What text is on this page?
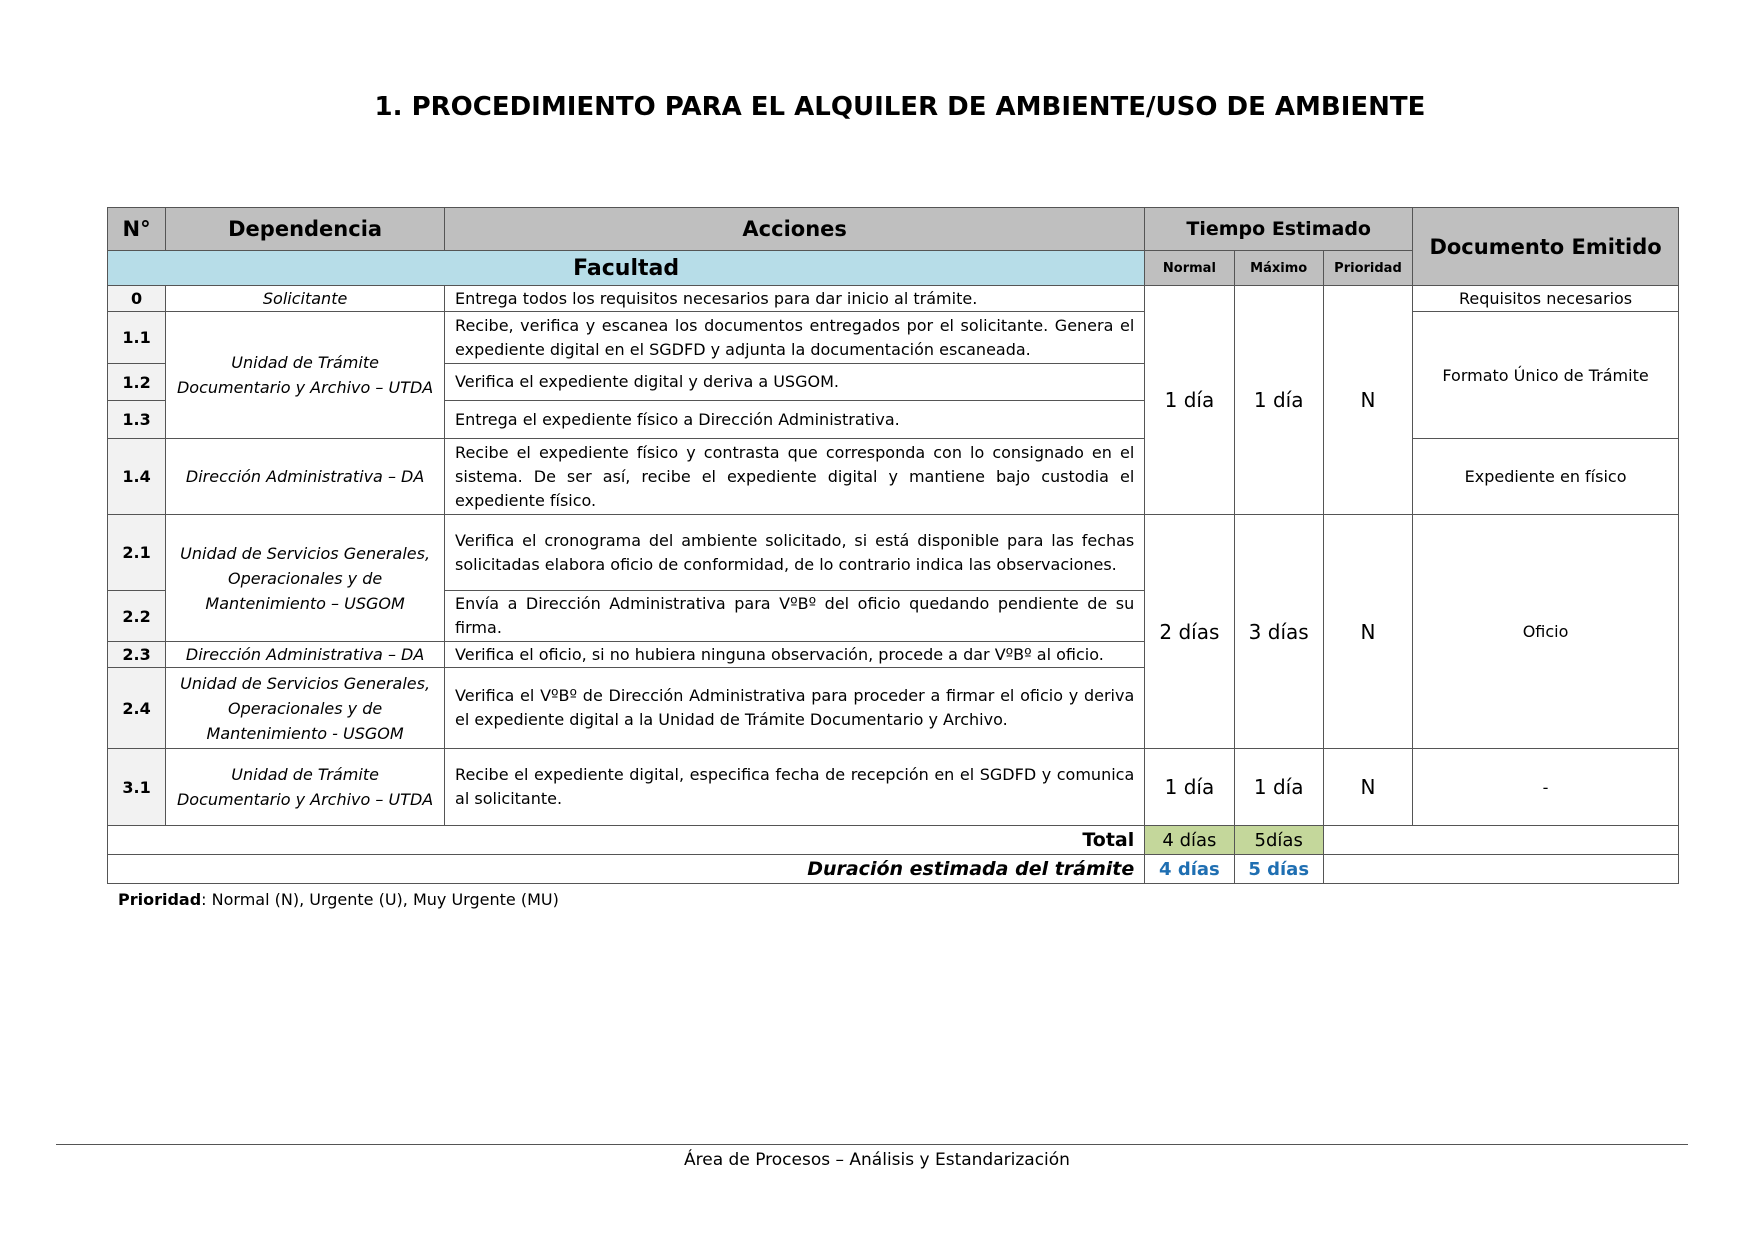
1. PROCEDIMIENTO PARA EL ALQUILER DE AMBIENTE/USO DE AMBIENTE
N°	Dependencia	Acciones	Tiempo Estimado			Documento Emitido
Facultad			Normal	Máximo	Prioridad	
0	Solicitante	Entrega todos los requisitos necesarios para dar inicio al trámite.	1 día	1 día	N	Requisitos necesarios
1.1	Unidad de Trámite Documentario y Archivo – UTDA	Recibe, verifica y escanea los documentos entregados por el solicitante. Genera el expediente digital en el SGDFD y adjunta la documentación escaneada.				Formato Único de Trámite
1.2		Verifica el expediente digital y deriva a USGOM.				
1.3		Entrega el expediente físico a Dirección Administrativa.				
1.4	Dirección Administrativa – DA	Recibe el expediente físico y contrasta que corresponda con lo consignado en el sistema. De ser así, recibe el expediente digital y mantiene bajo custodia el expediente físico.				Expediente en físico
2.1	Unidad de Servicios Generales, Operacionales y de Mantenimiento – USGOM	Verifica el cronograma del ambiente solicitado, si está disponible para las fechas solicitadas elabora oficio de conformidad, de lo contrario indica las observaciones.	2 días	3 días	N	Oficio
2.2		Envía a Dirección Administrativa para VºBº del oficio quedando pendiente de su firma.				
2.3	Dirección Administrativa – DA	Verifica el oficio, si no hubiera ninguna observación, procede a dar VºBº al oficio.				
2.4	Unidad de Servicios Generales, Operacionales y de Mantenimiento - USGOM	Verifica el VºBº de Dirección Administrativa para proceder a firmar el oficio y deriva el expediente digital a la Unidad de Trámite Documentario y Archivo.				
3.1	Unidad de Trámite Documentario y Archivo – UTDA	Recibe el expediente digital, especifica fecha de recepción en el SGDFD y comunica al solicitante.	1 día	1 día	N	-
Total			4 días	5días		
Duración estimada del trámite			4 días	5 días		
Prioridad: Normal (N), Urgente (U), Muy Urgente (MU)
Área de Procesos – Análisis y Estandarización
